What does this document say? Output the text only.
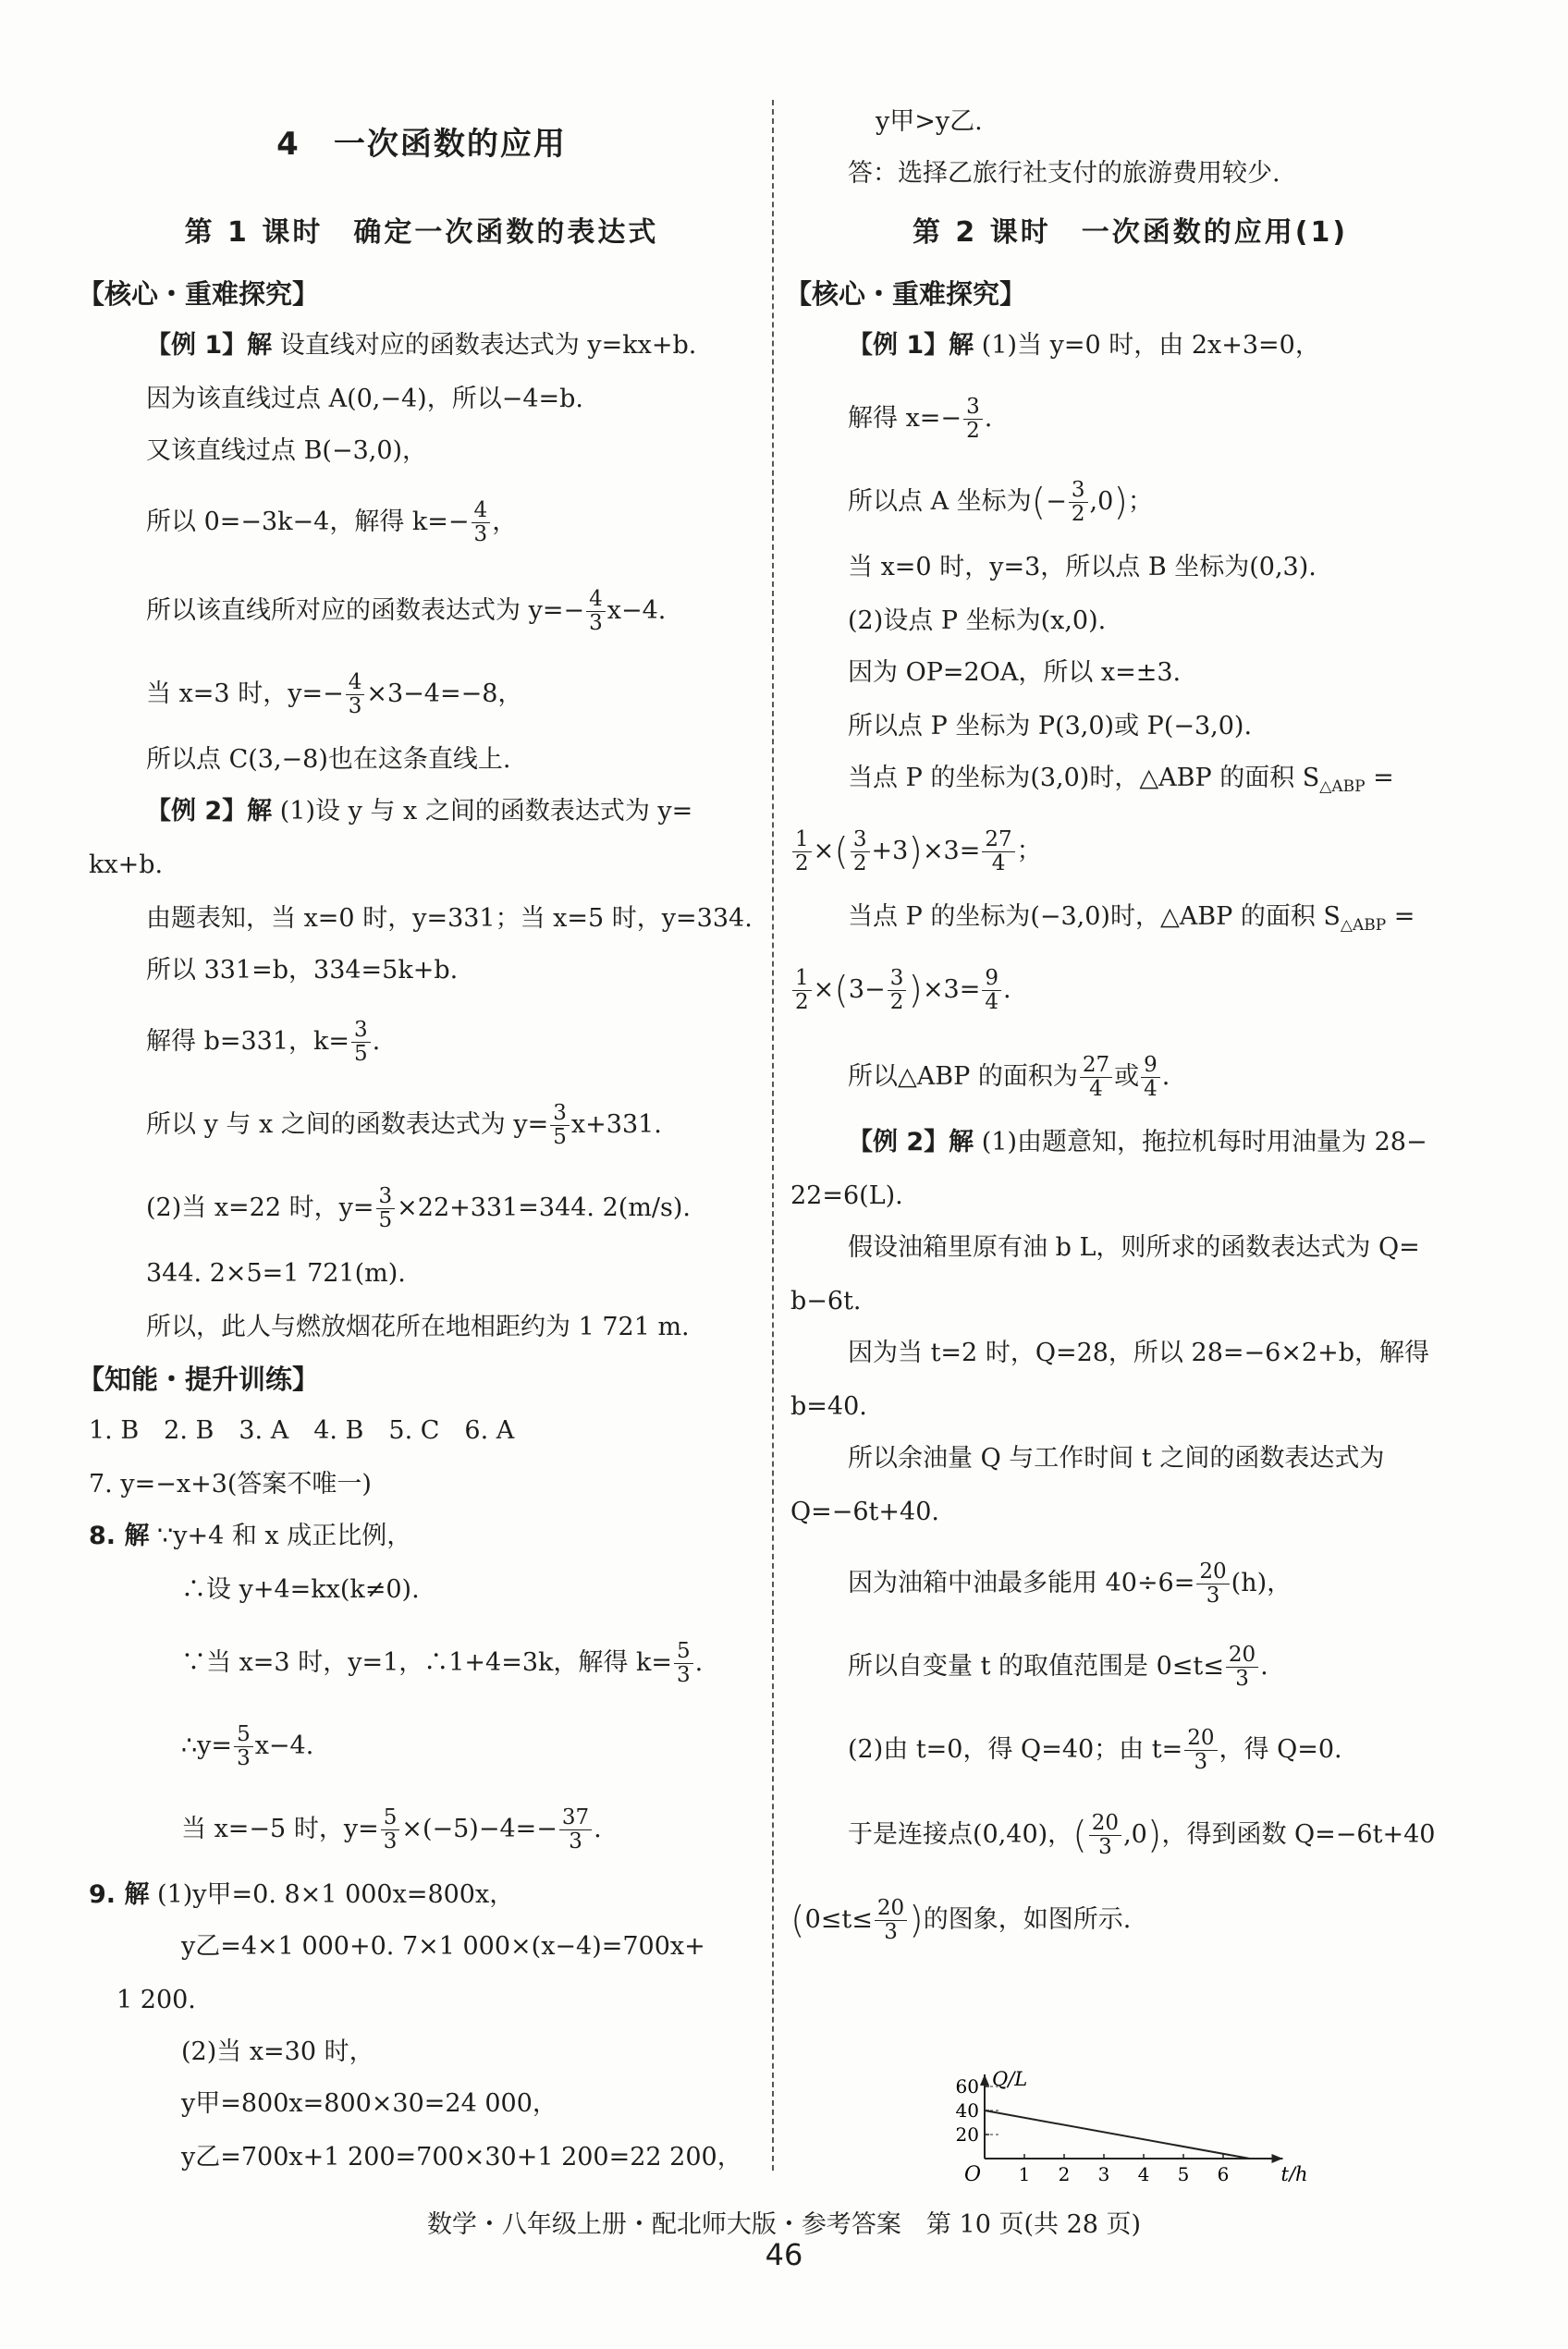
4　一次函数的应用
第 1 课时　确定一次函数的表达式
【核心・重难探究】
【例 1】解 设直线对应的函数表达式为 y=kx+b.
因为该直线过点 A(0,−4)，所以−4=b.
又该直线过点 B(−3,0)，
所以 0=−3k−4，解得 $k=- \frac{4}{3}$ ，
所以该直线所对应的函数表达式为 $y=- \frac{4}{3} x-4$.
当 x=3 时，$y=- \frac{4}{3} \times 3-4=-8$，
所以点 C(3,−8)也在这条直线上.
【例 2】解 (1)设 y 与 x 之间的函数表达式为 y=
kx+b.
由题表知，当 x=0 时，y=331；当 x=5 时，y=334.
所以 331=b，334=5k+b.
解得 b=331，$k= \frac{3}{5}$ .
所以 y 与 x 之间的函数表达式为 $y= \frac{3}{5} x+331$.
(2)当 x=22 时，$y= \frac{3}{5} \times 22+331=344$. 2(m/s).
344. 2×5=1 721(m).
所以，此人与燃放烟花所在地相距约为 1 721 m.
【知能・提升训练】
1. B　2. B　3. A　4. B　5. C　6. A
7. y=−x+3(答案不唯一)
8. 解 ∵y+4 和 x 成正比例，
∴设 y+4=kx(k≠0).
∵当 x=3 时，y=1，∴1+4=3k，解得 $k= \frac{5}{3}$ .
∴y= $\frac{5}{3} x-4$.
当 x=−5 时，$y= \frac{5}{3} \times(-5)-4=- \frac{37}{3}$ .
9. 解 (1)y甲=0. 8×1 000x=800x，
y乙=4×1 000+0. 7×1 000×(x−4)=700x+
1 200.
(2)当 x=30 时，
y甲=800x=800×30=24 000，
y乙=700x+1 200=700×30+1 200=22 200，
y甲>y乙.
答：选择乙旅行社支付的旅游费用较少.
第 2 课时　一次函数的应用(1)
【核心・重难探究】
【例 1】解 (1)当 y=0 时，由 2x+3=0，
解得 $x=- \frac{3}{2}$ .
所以点 A 坐标为(− $\frac{3}{2} ,0$)；
当 x=0 时，y=3，所以点 B 坐标为(0,3).
(2)设点 P 坐标为(x,0).
因为 OP=2OA，所以 x=±3.
所以点 P 坐标为 P(3,0)或 P(−3,0).
当点 P 的坐标为(3,0)时，△ABP 的面积 $S_{\triangle ABP}$ =
$\frac{1}{2}$ ×( $\frac{3}{2} +3)\times 3= \frac{27}{4}$ ；
当点 P 的坐标为(−3,0)时，△ABP 的面积 $S_{\triangle ABP}$ =
$\frac{1}{2} \times(3- \frac{3}{2} )\times 3= \frac{9}{4}$ .
所以△ABP 的面积为 $\frac{27}{4}$ 或 $\frac{9}{4}$ .
【例 2】解 (1)由题意知，拖拉机每时用油量为 28−
22=6(L).
假设油箱里原有油 b L，则所求的函数表达式为 Q=
b−6t.
因为当 t=2 时，Q=28，所以 28=−6×2+b，解得
b=40.
所以余油量 Q 与工作时间 t 之间的函数表达式为
Q=−6t+40.
因为油箱中油最多能用 $40\div 6= \frac{20}{3} (h)$，
所以自变量 t 的取值范围是 $0\le t\le \frac{20}{3}$ .
(2)由 t=0，得 Q=40；由 $t= \frac{20}{3}$ ，得 Q=0.
于是连接点(0,40)，( $\frac{20}{3} ,0$)，得到函数 Q=−6t+40
($0\le t\le \frac{20}{3}$ )的图象，如图所示.
t/h
Q/L
O 1 2 3 4 5 6
20
40
60
数学・八年级上册・配北师大版・参考答案　第 10 页(共 28 页)
46
